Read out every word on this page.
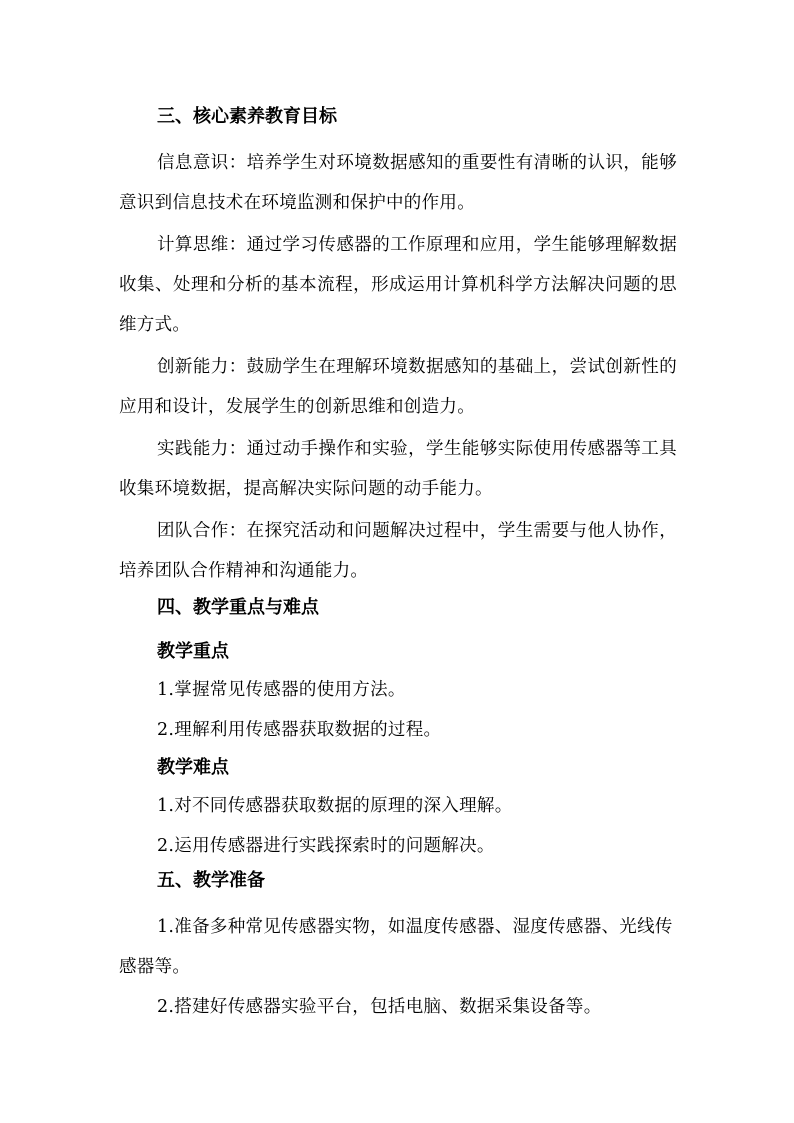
三、核心素养教育目标

信息意识：培养学生对环境数据感知的重要性有清晰的认识，能够意识到信息技术在环境监测和保护中的作用。

计算思维：通过学习传感器的工作原理和应用，学生能够理解数据收集、处理和分析的基本流程，形成运用计算机科学方法解决问题的思维方式。

创新能力：鼓励学生在理解环境数据感知的基础上，尝试创新性的应用和设计，发展学生的创新思维和创造力。

实践能力：通过动手操作和实验，学生能够实际使用传感器等工具收集环境数据，提高解决实际问题的动手能力。

团队合作：在探究活动和问题解决过程中，学生需要与他人协作，培养团队合作精神和沟通能力。

四、教学重点与难点
教学重点

1.掌握常见传感器的使用方法。

2.理解利用传感器获取数据的过程。

教学难点

1.对不同传感器获取数据的原理的深入理解。

2.运用传感器进行实践探索时的问题解决。

五、教学准备

1.准备多种常见传感器实物，如温度传感器、湿度传感器、光线传感器等。

2.搭建好传感器实验平台，包括电脑、数据采集设备等。
